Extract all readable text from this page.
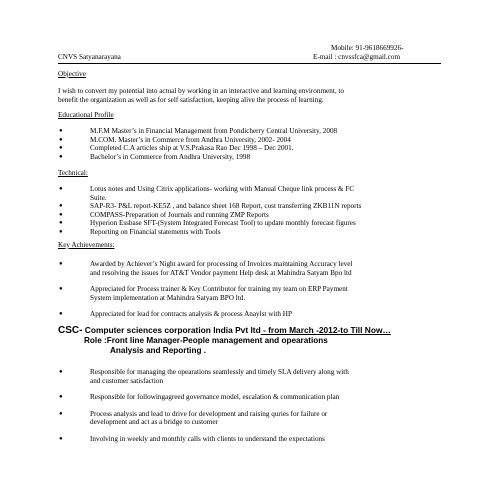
Mobile: 91-9618669926-
CNVS Satyanarayana	E-mail : cnvssfca@gmail.com
Objective
I wish to convert my potential into actual by working in an interactive and learning environment, to
benefit the organization as well as for self satisfaction, keeping alive the process of learning.
Educational Profile
●	M.F.M Master’s in Financial Management from Pondicherry Central University, 2008
●	M.COM. Master’s in Commerce from Andhra University, 2002- 2004
●	Completed C.A articles ship at V.S.Prakasa Rao Dec 1998 – Dec 2001.
●	Bachelor’s in Commerce from Andhra University, 1998
Technical:
●	Lotus notes and Using Citrix applications- working with Manual Cheque link process & FC
Suite.
●	SAP-R3- P&L report-KE5Z , and balance sheet 168 Report, cost transferring ZKB11N reports
●	COMPASS-Preparation of Journals and running ZMP Reports
●	Hyperion Essbase SFT-(System Integrated Forecast Tool) to update monthly forecast figures
●	Reporting on Financial statements with Tools
Key Achievements:
●	Awarded by Achiever’s Night award for processing of Invoices maintaining Accuracy level
and resolving the issues for AT&T Vendor payment Help desk at Mahindra Satyam Bpo ltd
●	Appreciated for Process trainer & Key Contributor for training my team on ERP Payment
System implementation at Mahindra Satyam BPO ltd.
●	Appreciated for lead for contracts analysis & process Anaylst with HP
CSC- Computer sciences corporation India Pvt ltd - from March -2012-to Till Now…
Role :Front line Manager-People management and opearations
Analysis and Reporting .
●	Responsible for managing the opearations seamlessly and timely SLA delivery along with
and customer satisfaction
●	Responsible for followingagreed governance model, escalation & communication plan
●	Process analysis and lead to drive for development and raising quries for failure or
development and act as a bridge to customer
●	Involving in weekly and monthly calls with clients to understand the expectations
